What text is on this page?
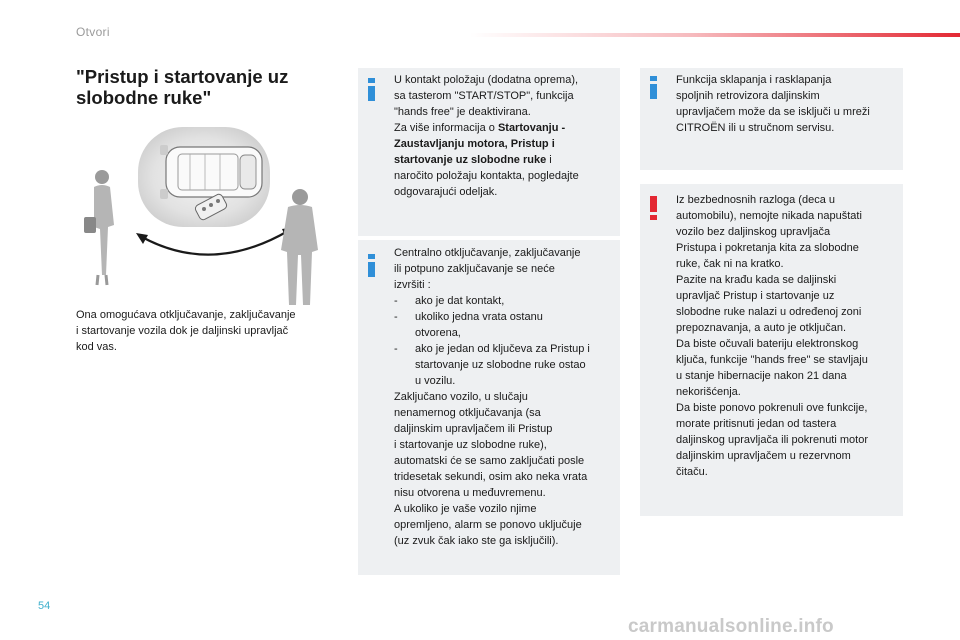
Otvori
"Pristup i startovanje uz
slobodne ruke"
Ona omogućava otključavanje, zaključavanje
i startovanje vozila dok je daljinski upravljač
kod vas.

U kontakt položaju (dodatna oprema),

sa tasterom "START/STOP", funkcija

"hands free" je deaktivirana.

Za više informacija o Startovanju -

Zaustavljanju motora, Pristup i

startovanje uz slobodne ruke i

naročito položaju kontakta, pogledajte

odgovarajući odeljak.

Centralno otključavanje, zaključavanje

ili potpuno zaključavanje se neće

izvršiti :

- ako je dat kontakt,
- ukoliko jedna vrata ostanu
otvorena,
- ako je jedan od ključeva za Pristup i
startovanje uz slobodne ruke ostao
u vozilu.

Zaključano vozilo, u slučaju

nenamernog otključavanja (sa

daljinskim upravljačem ili Pristup

i startovanje uz slobodne ruke),

automatski će se samo zaključati posle

tridesetak sekundi, osim ako neka vrata

nisu otvorena u međuvremenu.

A ukoliko je vaše vozilo njime

opremljeno, alarm se ponovo uključuje

(uz zvuk čak iako ste ga isključili).

Funkcija sklapanja i rasklapanja

spoljnih retrovizora daljinskim

upravljačem može da se isključi u mreži

CITROËN ili u stručnom servisu.

Iz bezbednosnih razloga (deca u

automobilu), nemojte nikada napuštati

vozilo bez daljinskog upravljača

Pristupa i pokretanja kita za slobodne

ruke, čak ni na kratko.

Pazite na krađu kada se daljinski

upravljač Pristup i startovanje uz

slobodne ruke nalazi u određenoj zoni

prepoznavanja, a auto je otključan.

Da biste očuvali bateriju elektronskog

ključa, funkcije "hands free" se stavljaju

u stanje hibernacije nakon 21 dana

nekorišćenja.

Da biste ponovo pokrenuli ove funkcije,

morate pritisnuti jedan od tastera

daljinskog upravljača ili pokrenuti motor

daljinskim upravljačem u rezervnom

čitaču.

54
carmanualsonline.info
